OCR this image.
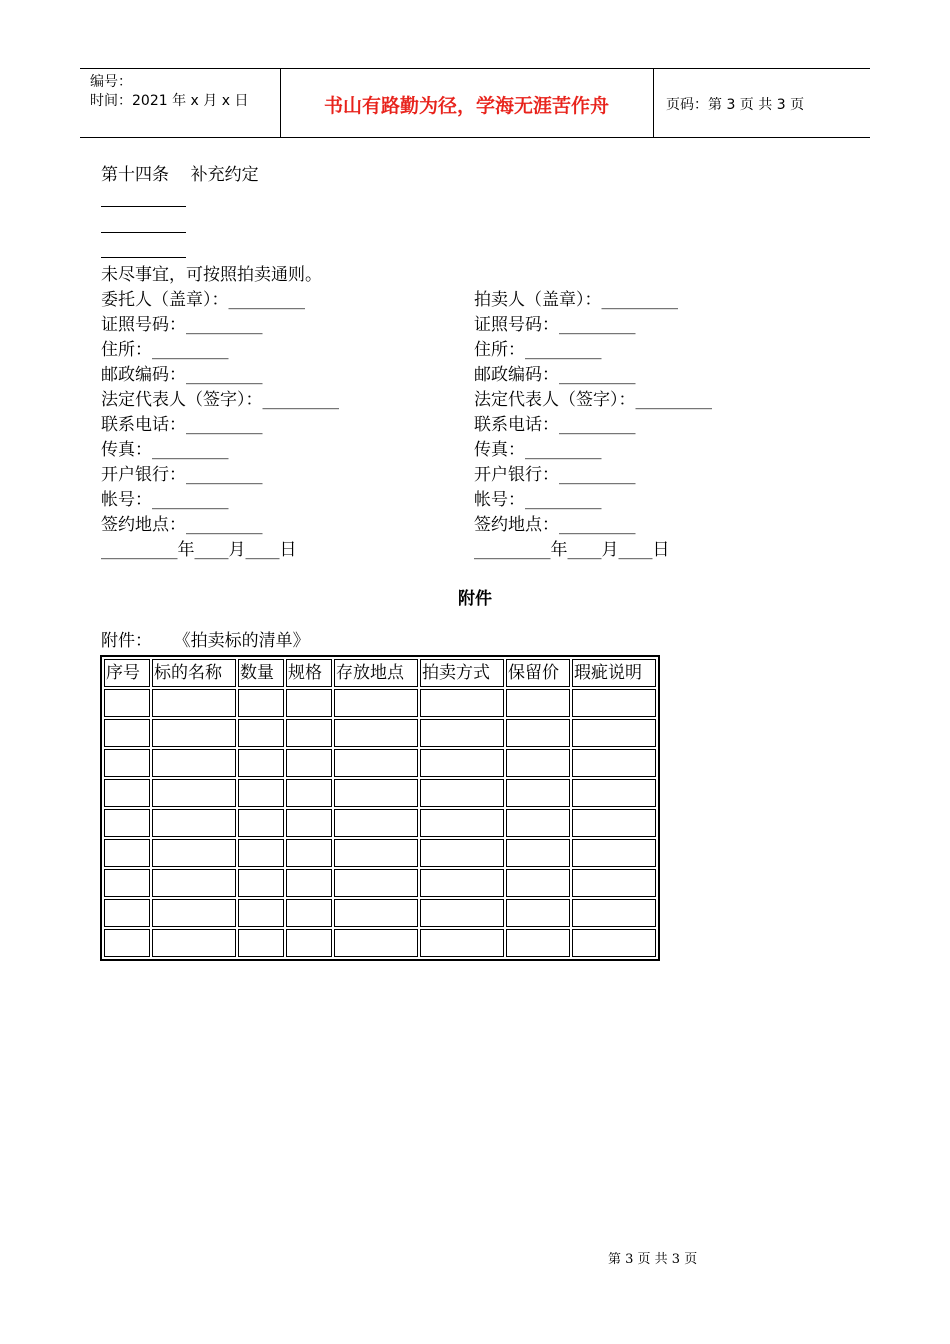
编号：
时间：2021 年 x 月 x 日	书山有路勤为径，学海无涯苦作舟	页码：第 3 页 共 3 页
第十四条    补充约定
未尽事宜，可按照拍卖通则。
委托人（盖章）：_________
证照号码：_________
住所：_________
邮政编码：_________
法定代表人（签字）：_________
联系电话：_________
传真：_________
开户银行：_________
帐号：_________
签约地点：_________
_________年____月____日
拍卖人（盖章）：_________
证照号码：_________
住所：_________
邮政编码：_________
法定代表人（签字）：_________
联系电话：_________
传真：_________
开户银行：_________
帐号：_________
签约地点：_________
_________年____月____日
附件
附件：    《拍卖标的清单》
序号	标的名称	数量	规格	存放地点	拍卖方式	保留价	瑕疵说明

第 3 页 共 3 页
